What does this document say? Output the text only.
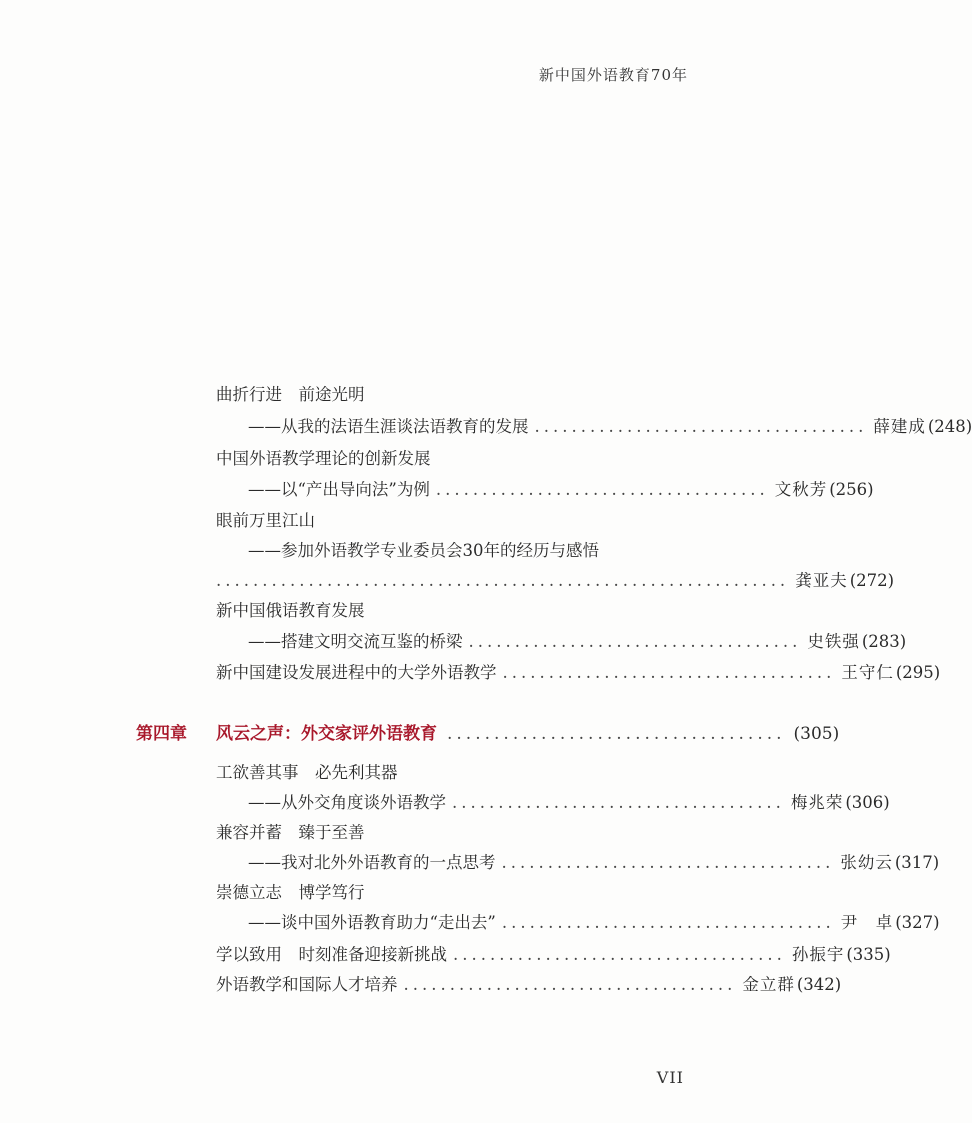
新中国外语教育70年
曲折行进　前途光明
——从我的法语生涯谈法语教育的发展 .................................... 薛建成 (248)
中国外语教学理论的创新发展
——以“产出导向法”为例 .................................... 文秋芳 (256)
眼前万里江山
——参加外语教学专业委员会30年的经历与感悟
.............................................................. 龚亚夫 (272)
新中国俄语教育发展
——搭建文明交流互鉴的桥梁 .................................... 史铁强 (283)
新中国建设发展进程中的大学外语教学 .................................... 王守仁 (295)
第四章	风云之声：外交家评外语教育 .................................... (305)
工欲善其事　必先利其器
——从外交角度谈外语教学 .................................... 梅兆荣 (306)
兼容并蓄　臻于至善
——我对北外外语教育的一点思考 .................................... 张幼云 (317)
崇德立志　博学笃行
——谈中国外语教育助力“走出去” .................................... 尹　卓 (327)
学以致用　时刻准备迎接新挑战 .................................... 孙振宇 (335)
外语教学和国际人才培养 .................................... 金立群 (342)
VII
